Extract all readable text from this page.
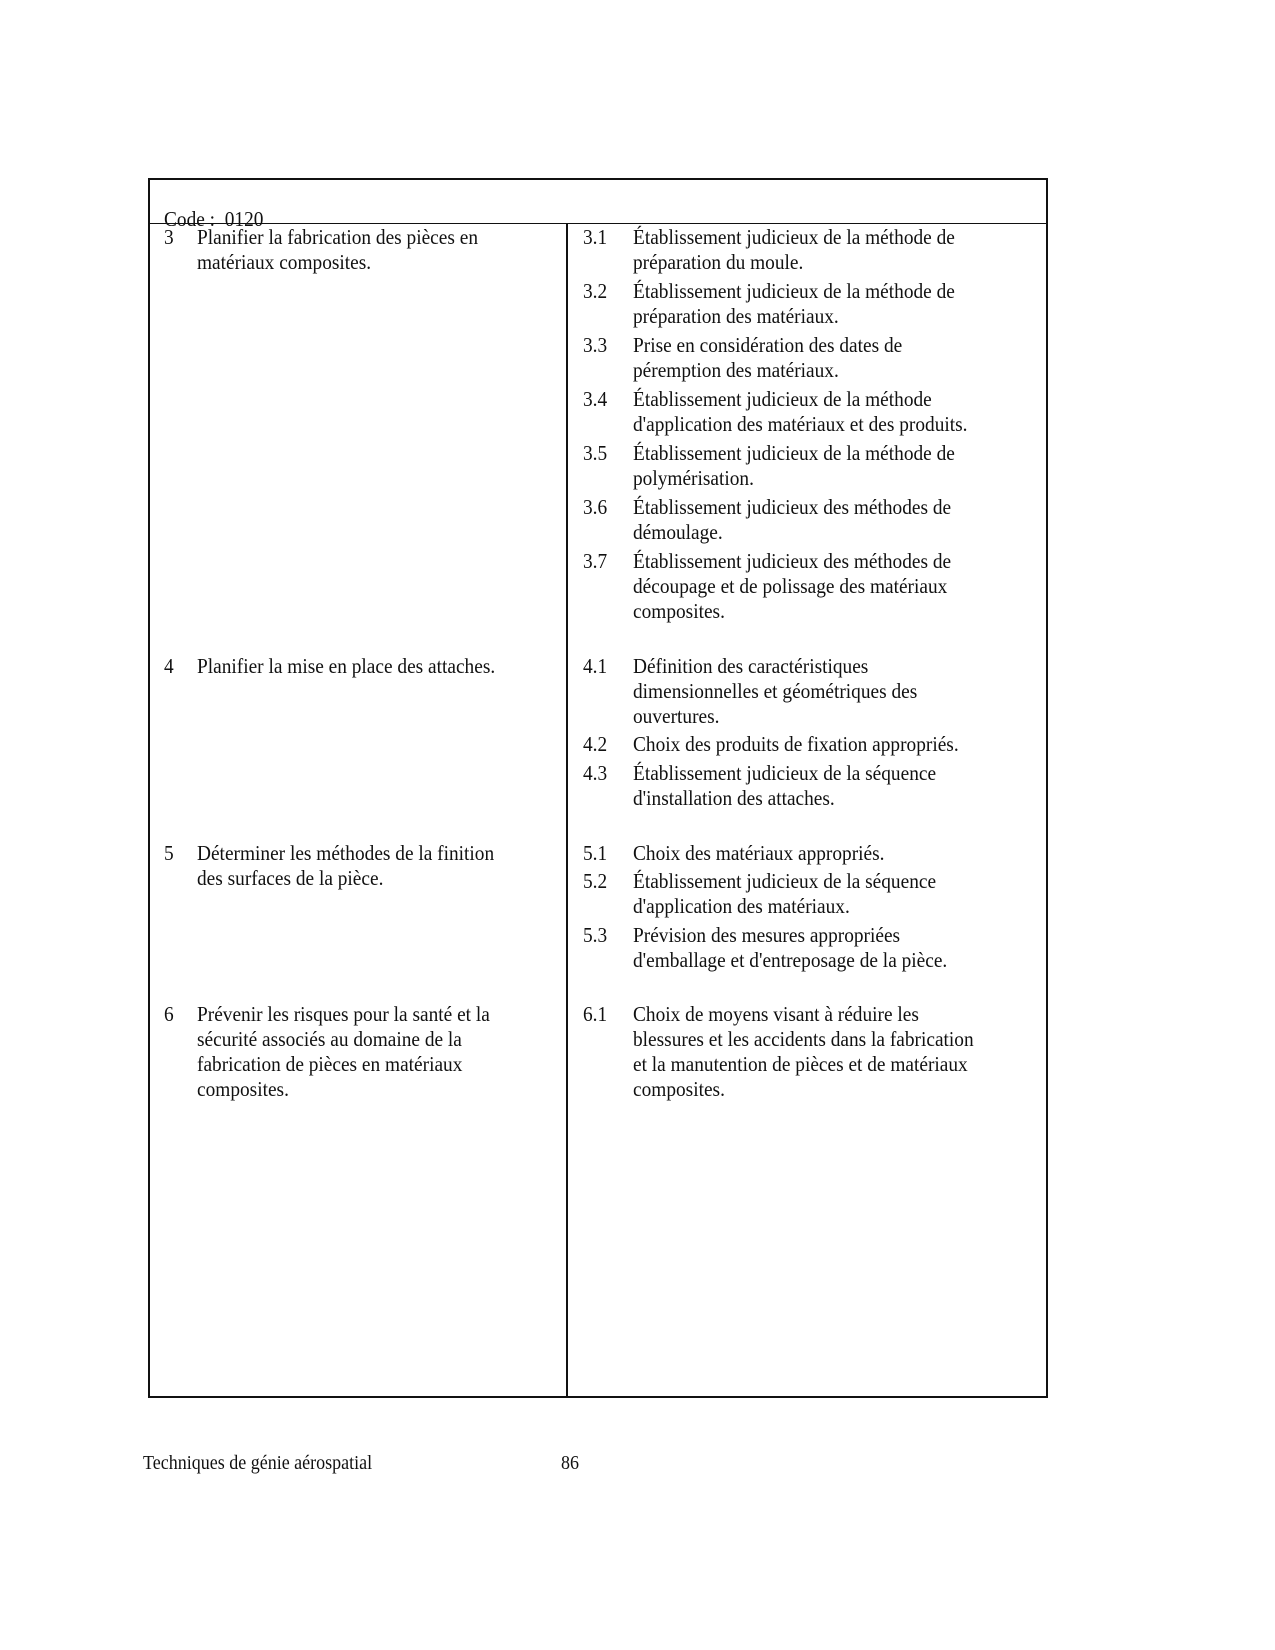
Code : 0120

3 Planifier la fabrication des pièces en
matériaux composites.
3.1 Établissement judicieux de la méthode de
préparation du moule.
3.2 Établissement judicieux de la méthode de
préparation des matériaux.
3.3 Prise en considération des dates de
péremption des matériaux.
3.4 Établissement judicieux de la méthode
d'application des matériaux et des produits.
3.5 Établissement judicieux de la méthode de
polymérisation.
3.6 Établissement judicieux des méthodes de
démoulage.
3.7 Établissement judicieux des méthodes de
découpage et de polissage des matériaux
composites.
4 Planifier la mise en place des attaches.	4.1 Définition des caractéristiques
dimensionnelles et géométriques des
ouvertures.
4.2 Choix des produits de fixation appropriés.
4.3 Établissement judicieux de la séquence
d'installation des attaches.
5 Déterminer les méthodes de la finition
des surfaces de la pièce.
5.1 Choix des matériaux appropriés.
5.2 Établissement judicieux de la séquence
d'application des matériaux.
5.3 Prévision des mesures appropriées
d'emballage et d'entreposage de la pièce.
6 Prévenir les risques pour la santé et la
sécurité associés au domaine de la
fabrication de pièces en matériaux
composites.
6.1 Choix de moyens visant à réduire les
blessures et les accidents dans la fabrication
et la manutention de pièces et de matériaux
composites.
Techniques de génie aérospatial	86
